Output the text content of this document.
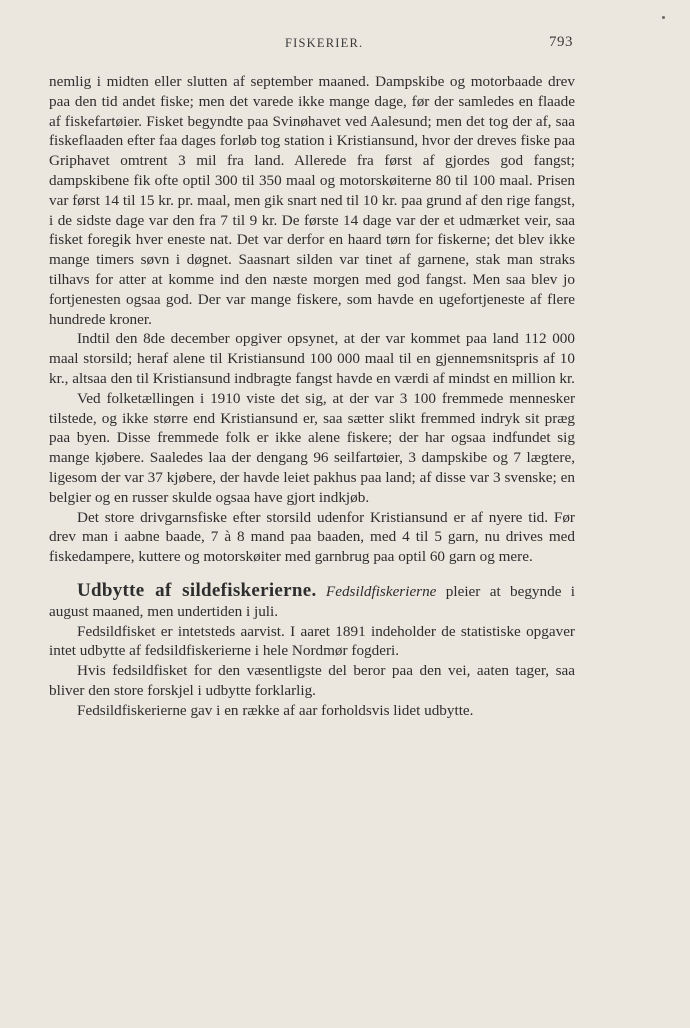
FISKERIER.	793

nemlig i midten eller slutten af september maaned. Dampskibe og motorbaade drev paa den tid andet fiske; men det varede ikke mange dage, før der samledes en flaade af fiskefartøier. Fisket begyndte paa Svinøhavet ved Aalesund; men det tog der af, saa fiskeflaaden efter faa dages forløb tog station i Kristiansund, hvor der dreves fiske paa Griphavet omtrent 3 mil fra land. Allerede fra først af gjordes god fangst; dampskibene fik ofte optil 300 til 350 maal og motorskøiterne 80 til 100 maal. Prisen var først 14 til 15 kr. pr. maal, men gik snart ned til 10 kr. paa grund af den rige fangst, i de sidste dage var den fra 7 til 9 kr. De første 14 dage var der et udmærket veir, saa fisket foregik hver eneste nat. Det var derfor en haard tørn for fiskerne; det blev ikke mange timers søvn i døgnet. Saasnart silden var tinet af garnene, stak man straks tilhavs for atter at komme ind den næste morgen med god fangst. Men saa blev jo fortjenesten ogsaa god. Der var mange fiskere, som havde en ugefortjeneste af flere hundrede kroner.

Indtil den 8de december opgiver opsynet, at der var kommet paa land 112 000 maal storsild; heraf alene til Kristiansund 100 000 maal til en gjennemsnitspris af 10 kr., altsaa den til Kristiansund indbragte fangst havde en værdi af mindst en million kr.

Ved folketællingen i 1910 viste det sig, at der var 3 100 fremmede mennesker tilstede, og ikke større end Kristiansund er, saa sætter slikt fremmed indryk sit præg paa byen. Disse fremmede folk er ikke alene fiskere; der har ogsaa indfundet sig mange kjøbere. Saaledes laa der dengang 96 seilfartøier, 3 dampskibe og 7 lægtere, ligesom der var 37 kjøbere, der havde leiet pakhus paa land; af disse var 3 svenske; en belgier og en russer skulde ogsaa have gjort indkjøb.

Det store drivgarnsfiske efter storsild udenfor Kristiansund er af nyere tid. Før drev man i aabne baade, 7 à 8 mand paa baaden, med 4 til 5 garn, nu drives med fiskedampere, kuttere og motorskøiter med garnbrug paa optil 60 garn og mere.

Udbytte af sildefiskerierne. Fedsildfiskerierne pleier at begynde i august maaned, men undertiden i juli.

Fedsildfisket er intetsteds aarvist. I aaret 1891 indeholder de statistiske opgaver intet udbytte af fedsildfiskerierne i hele Nordmør fogderi.

Hvis fedsildfisket for den væsentligste del beror paa den vei, aaten tager, saa bliver den store forskjel i udbytte forklarlig.

Fedsildfiskerierne gav i en række af aar forholdsvis lidet udbytte.
